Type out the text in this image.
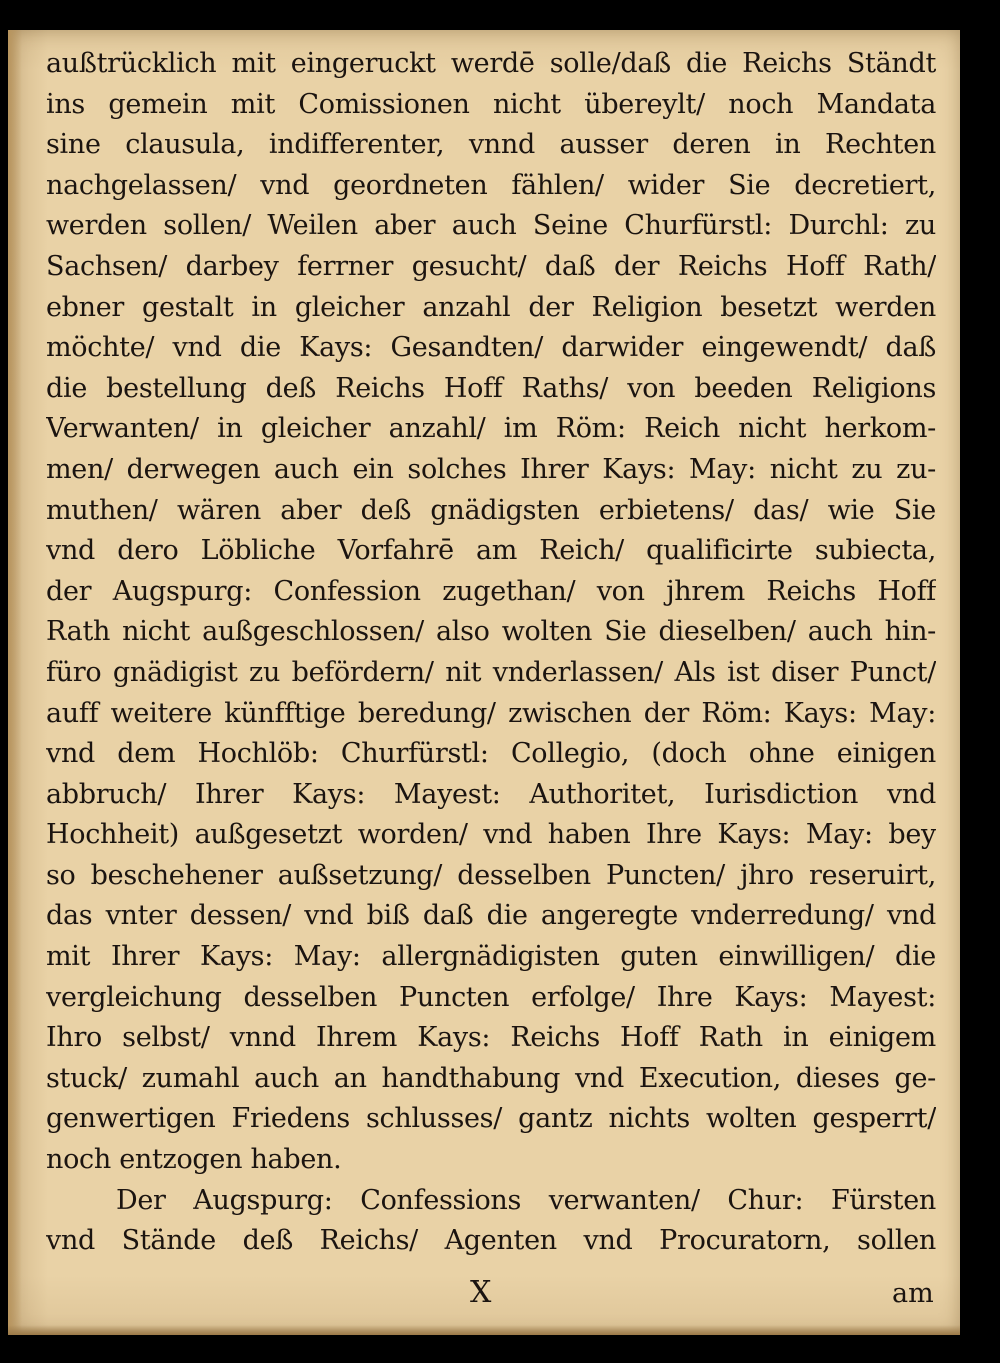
außtrücklich mit eingeruckt werdē solle/daß die Reichs Ständt
ins gemein mit Comissionen nicht übereylt/ noch Mandata
sine clausula, indifferenter, vnnd ausser deren in Rechten
nachgelassen/ vnd geordneten fählen/ wider Sie decretiert,
werden sollen/ Weilen aber auch Seine Churfürstl: Durchl: zu
Sachsen/ darbey ferrner gesucht/ daß der Reichs Hoff Rath/
ebner gestalt in gleicher anzahl der Religion besetzt werden
möchte/ vnd die Kays: Gesandten/ darwider eingewendt/ daß
die bestellung deß Reichs Hoff Raths/ von beeden Religions
Verwanten/ in gleicher anzahl/ im Röm: Reich nicht herkom-
men/ derwegen auch ein solches Ihrer Kays: May: nicht zu zu-
muthen/ wären aber deß gnädigsten erbietens/ das/ wie Sie
vnd dero Löbliche Vorfahrē am Reich/ qualificirte subiecta,
der Augspurg: Confession zugethan/ von jhrem Reichs Hoff
Rath nicht außgeschlossen/ also wolten Sie dieselben/ auch hin-
füro gnädigist zu befördern/ nit vnderlassen/ Als ist diser Punct/
auff weitere künfftige beredung/ zwischen der Röm: Kays: May:
vnd dem Hochlöb: Churfürstl: Collegio, (doch ohne einigen
abbruch/ Ihrer Kays: Mayest: Authoritet, Iurisdiction vnd
Hochheit) außgesetzt worden/ vnd haben Ihre Kays: May: bey
so beschehener außsetzung/ desselben Puncten/ jhro reseruirt,
das vnter dessen/ vnd biß daß die angeregte vnderredung/ vnd
mit Ihrer Kays: May: allergnädigisten guten einwilligen/ die
vergleichung desselben Puncten erfolge/ Ihre Kays: Mayest:
Ihro selbst/ vnnd Ihrem Kays: Reichs Hoff Rath in einigem
stuck/ zumahl auch an handthabung vnd Execution, dieses ge-
genwertigen Friedens schlusses/ gantz nichts wolten gesperrt/
noch entzogen haben.
Der Augspurg: Confessions verwanten/ Chur: Fürsten
vnd Stände deß Reichs/ Agenten vnd Procuratorn, sollen
X	am
